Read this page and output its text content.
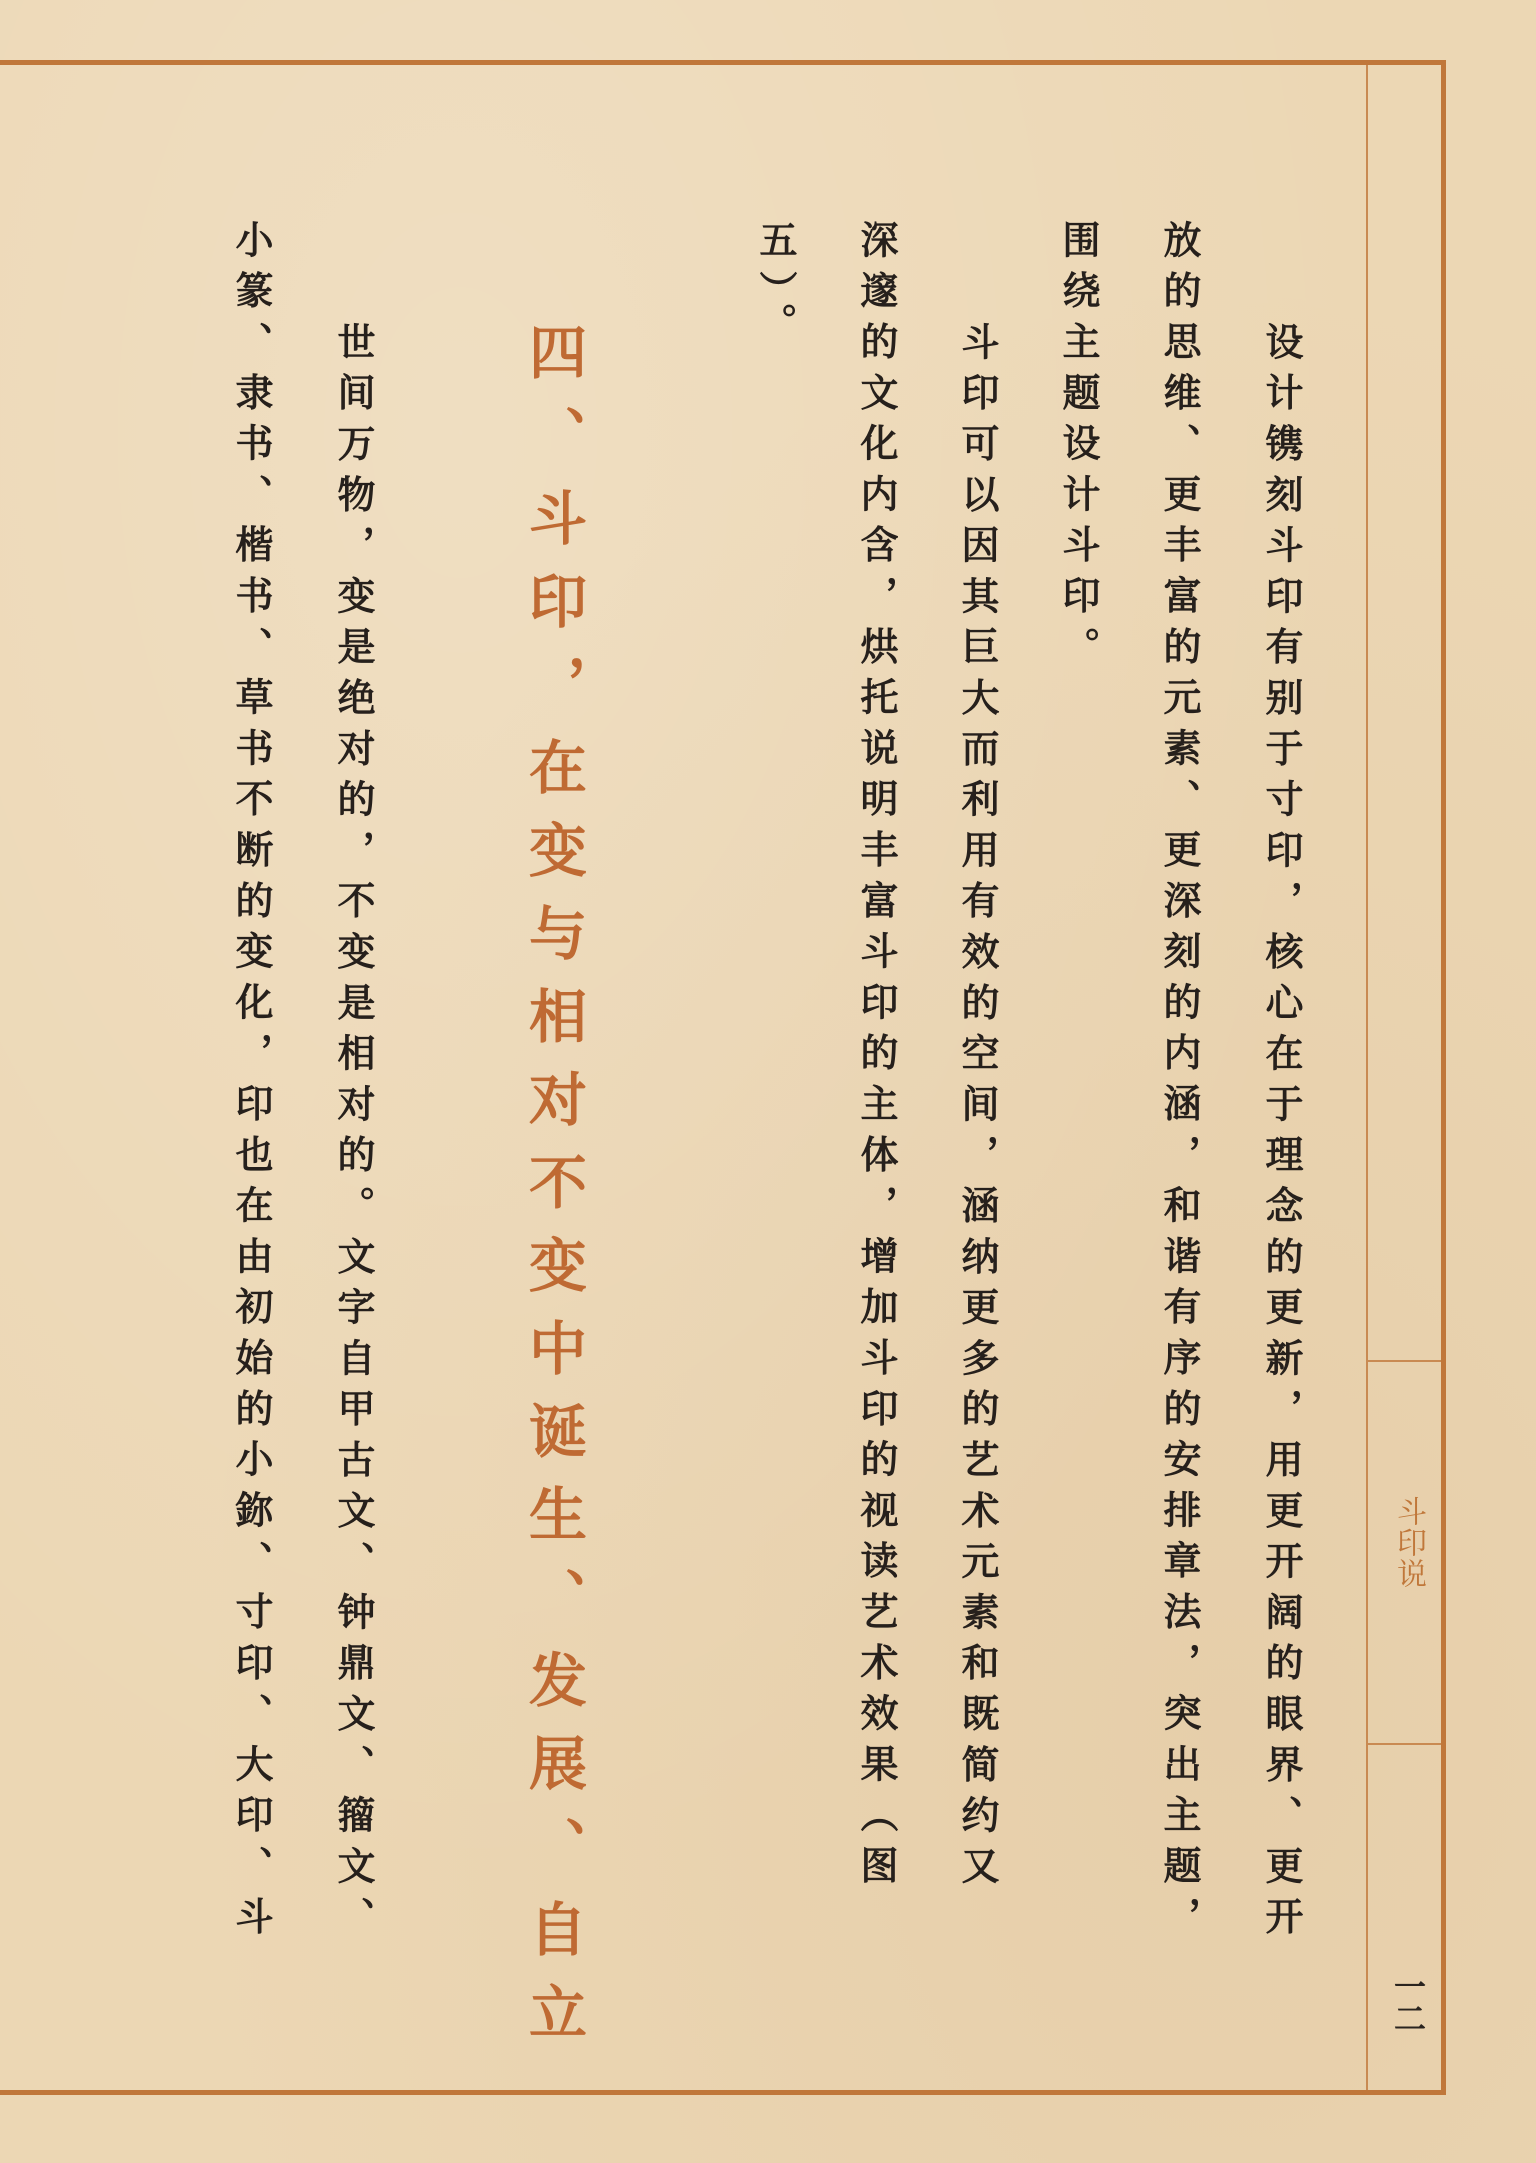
斗印说
一二
设计镌刻斗印有别于寸印，核心在于理念的更新，用更开阔的眼界、更开
放的思维、更丰富的元素、更深刻的内涵，和谐有序的安排章法，突出主题，
围绕主题设计斗印。
斗印可以因其巨大而利用有效的空间，涵纳更多的艺术元素和既简约又
深邃的文化内含，烘托说明丰富斗印的主体，增加斗印的视读艺术效果（图
五）。
四、斗印，在变与相对不变中诞生、发展、自立
世间万物，变是绝对的，不变是相对的。文字自甲古文、钟鼎文、籀文、
小篆、隶书、楷书、草书不断的变化，印也在由初始的小鉨、寸印、大印、斗
